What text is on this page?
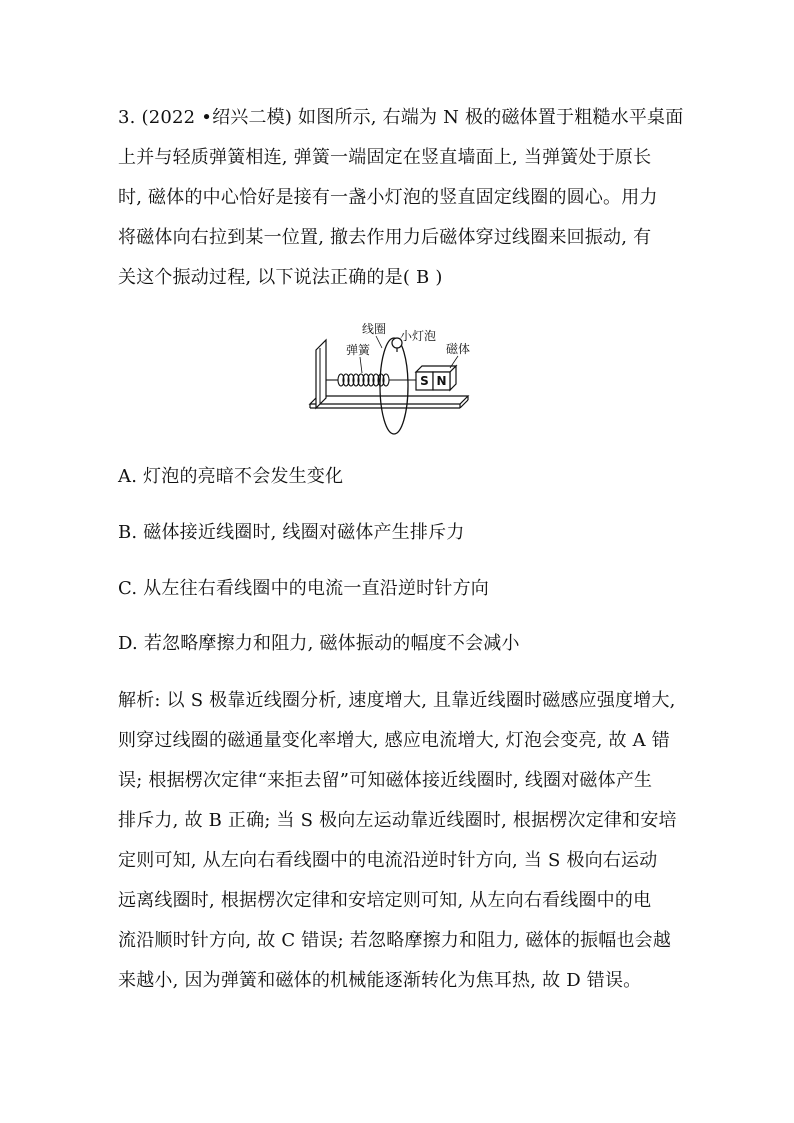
3. (2022 •绍兴二模) 如图所示, 右端为 N 极的磁体置于粗糙水平桌面
上并与轻质弹簧相连, 弹簧一端固定在竖直墙面上, 当弹簧处于原长
时, 磁体的中心恰好是接有一盏小灯泡的竖直固定线圈的圆心。用力
将磁体向右拉到某一位置, 撤去作用力后磁体穿过线圈来回振动, 有
关这个振动过程, 以下说法正确的是( B )
S N
线圈
弹簧
小灯泡
磁体
A. 灯泡的亮暗不会发生变化
B. 磁体接近线圈时, 线圈对磁体产生排斥力
C. 从左往右看线圈中的电流一直沿逆时针方向
D. 若忽略摩擦力和阻力, 磁体振动的幅度不会减小
解析: 以 S 极靠近线圈分析, 速度增大, 且靠近线圈时磁感应强度增大,
则穿过线圈的磁通量变化率增大, 感应电流增大, 灯泡会变亮, 故 A 错
误; 根据楞次定律“来拒去留”可知磁体接近线圈时, 线圈对磁体产生
排斥力, 故 B 正确; 当 S 极向左运动靠近线圈时, 根据楞次定律和安培
定则可知, 从左向右看线圈中的电流沿逆时针方向, 当 S 极向右运动
远离线圈时, 根据楞次定律和安培定则可知, 从左向右看线圈中的电
流沿顺时针方向, 故 C 错误; 若忽略摩擦力和阻力, 磁体的振幅也会越
来越小, 因为弹簧和磁体的机械能逐渐转化为焦耳热, 故 D 错误。
